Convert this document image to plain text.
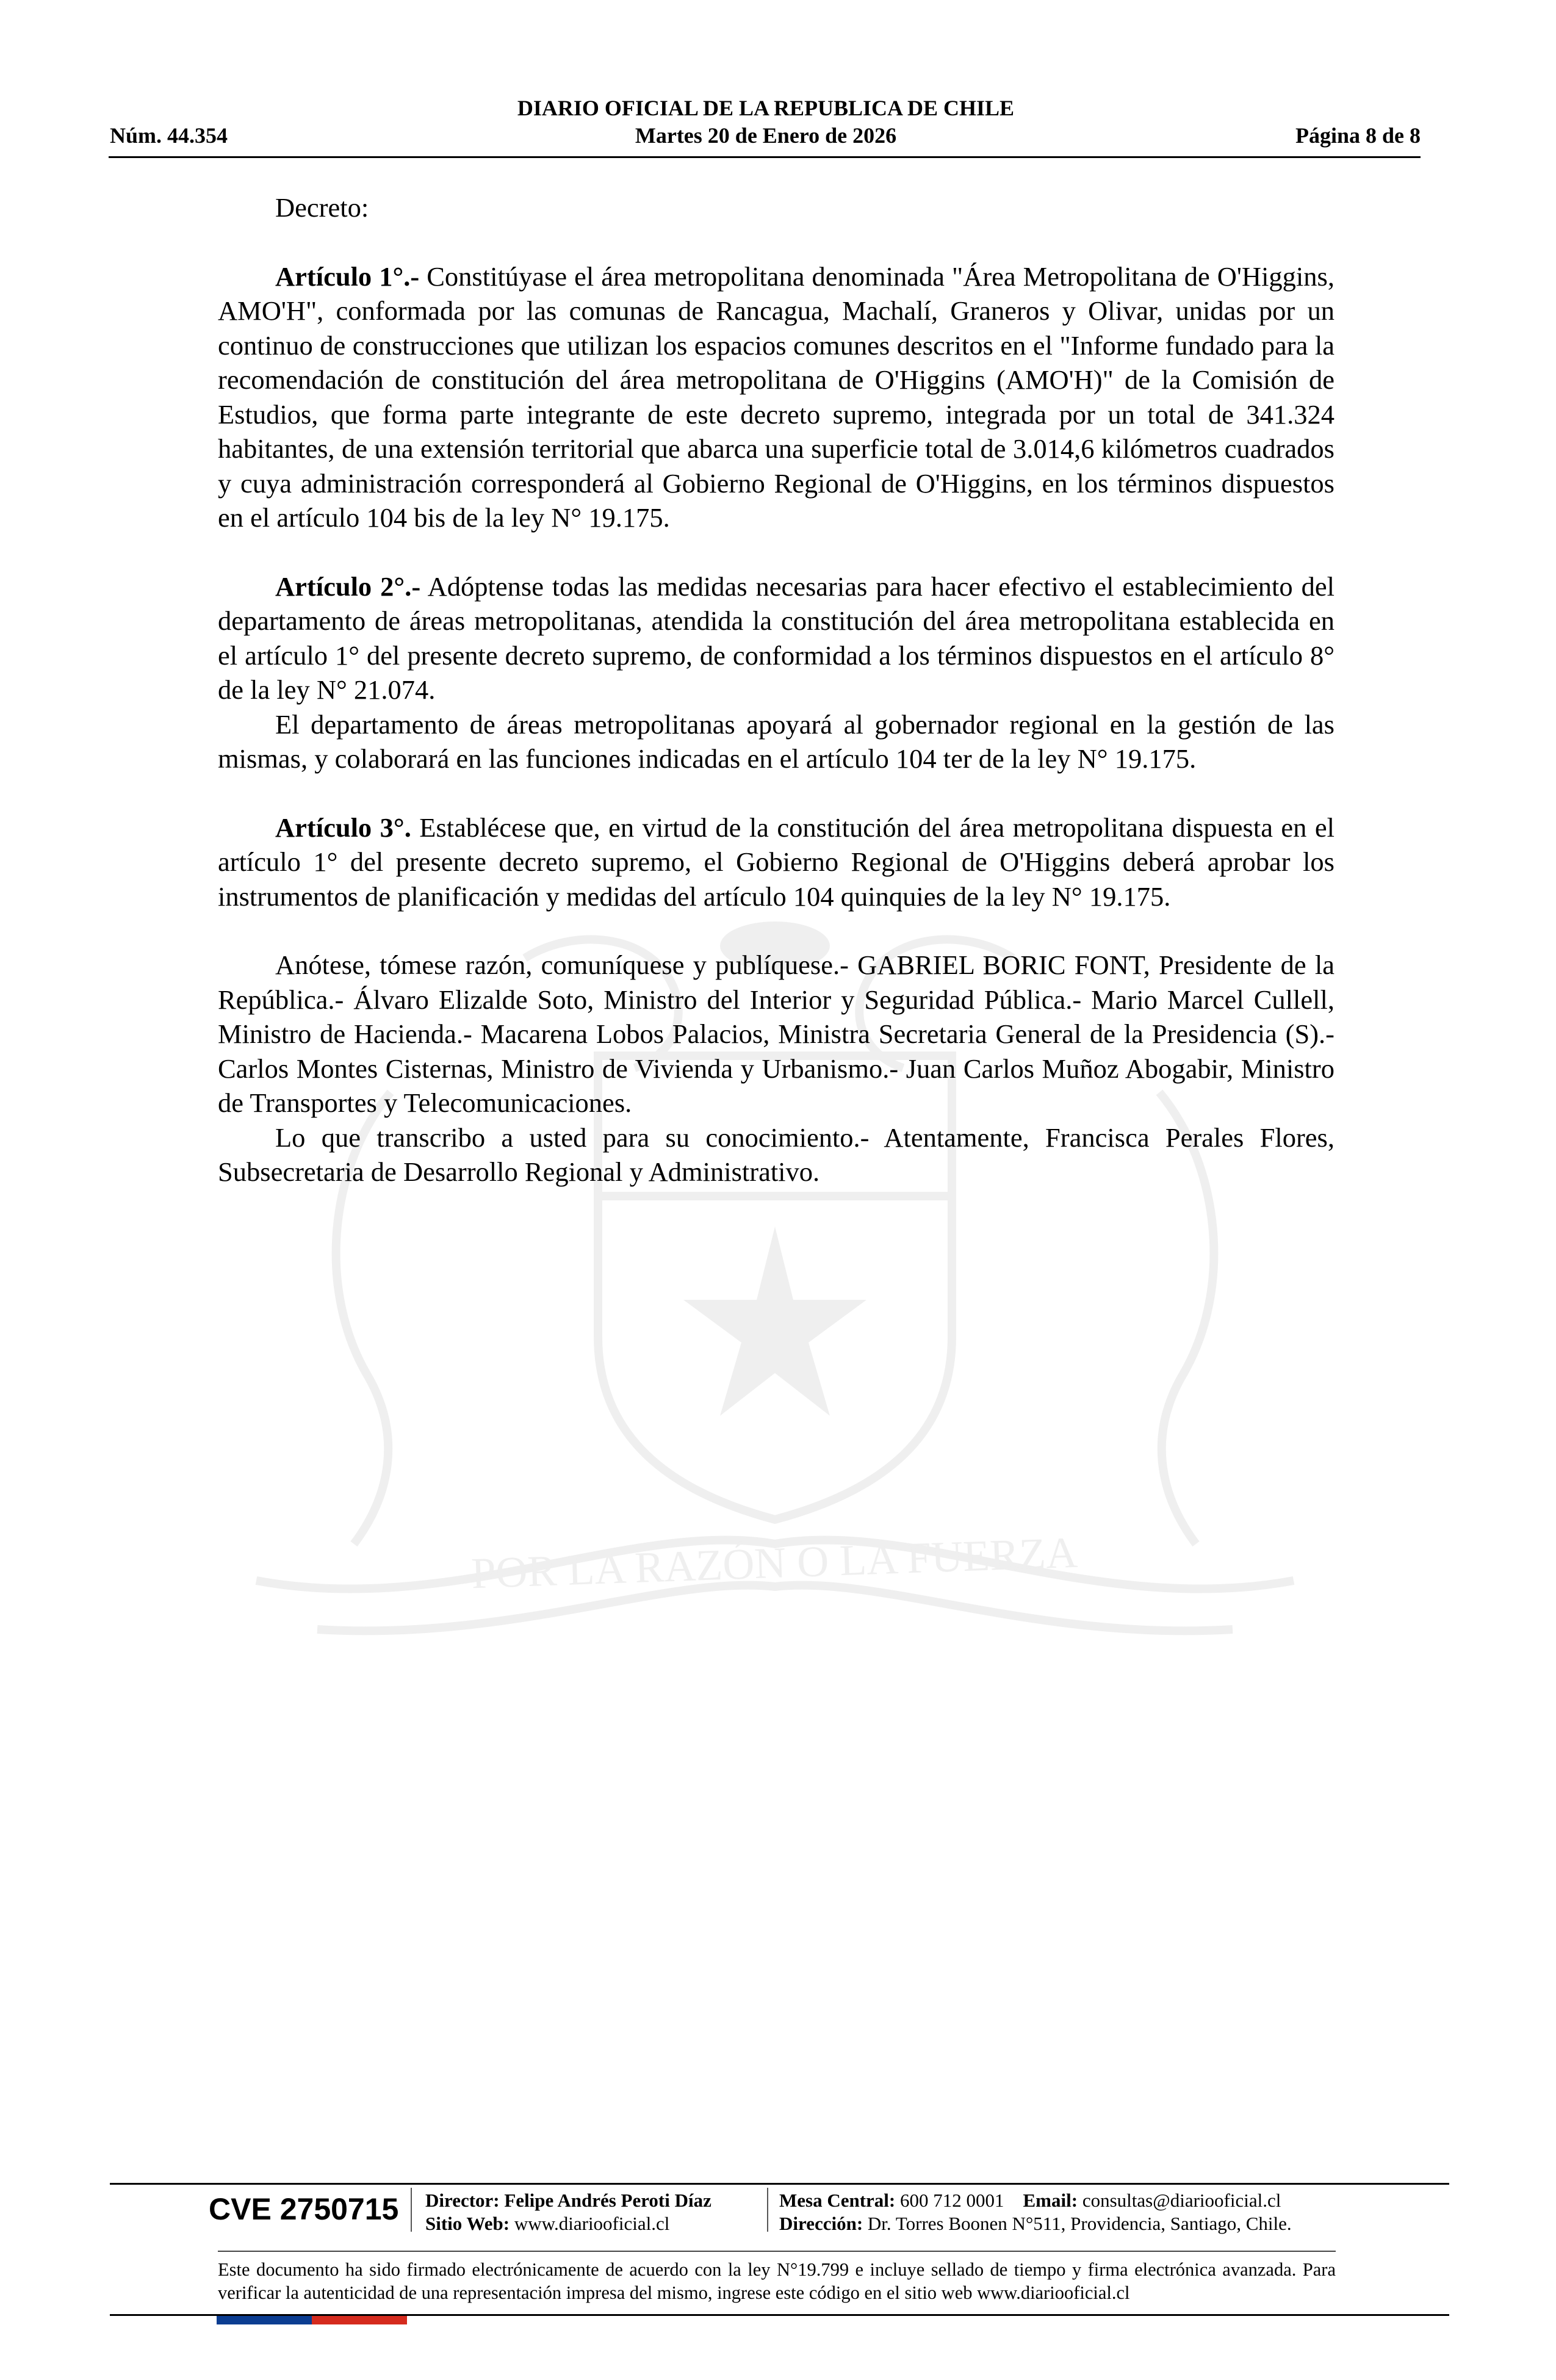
DIARIO OFICIAL DE LA REPUBLICA DE CHILE
Núm. 44.354	Martes 20 de Enero de 2026	Página 8 de 8
POR LA RAZÓN O LA FUERZA

Decreto:

Artículo 1°.- Constitúyase el área metropolitana denominada "Área Metropolitana de O'Higgins, AMO'H", conformada por las comunas de Rancagua, Machalí, Graneros y Olivar, unidas por un continuo de construcciones que utilizan los espacios comunes descritos en el "Informe fundado para la recomendación de constitución del área metropolitana de O'Higgins (AMO'H)" de la Comisión de Estudios, que forma parte integrante de este decreto supremo, integrada por un total de 341.324 habitantes, de una extensión territorial que abarca una superficie total de 3.014,6 kilómetros cuadrados y cuya administración corresponderá al Gobierno Regional de O'Higgins, en los términos dispuestos en el artículo 104 bis de la ley N° 19.175.

Artículo 2°.- Adóptense todas las medidas necesarias para hacer efectivo el establecimiento del departamento de áreas metropolitanas, atendida la constitución del área metropolitana establecida en el artículo 1° del presente decreto supremo, de conformidad a los términos dispuestos en el artículo 8° de la ley N° 21.074.

El departamento de áreas metropolitanas apoyará al gobernador regional en la gestión de las mismas, y colaborará en las funciones indicadas en el artículo 104 ter de la ley N° 19.175.

Artículo 3°. Establécese que, en virtud de la constitución del área metropolitana dispuesta en el artículo 1° del presente decreto supremo, el Gobierno Regional de O'Higgins deberá aprobar los instrumentos de planificación y medidas del artículo 104 quinquies de la ley N° 19.175.

Anótese, tómese razón, comuníquese y publíquese.- GABRIEL BORIC FONT, Presidente de la República.- Álvaro Elizalde Soto, Ministro del Interior y Seguridad Pública.- Mario Marcel Cullell, Ministro de Hacienda.- Macarena Lobos Palacios, Ministra Secretaria General de la Presidencia (S).- Carlos Montes Cisternas, Ministro de Vivienda y Urbanismo.- Juan Carlos Muñoz Abogabir, Ministro de Transportes y Telecomunicaciones.

Lo que transcribo a usted para su conocimiento.- Atentamente, Francisca Perales Flores, Subsecretaria de Desarrollo Regional y Administrativo.

CVE 2750715 Director: Felipe Andrés Peroti Díaz
Sitio Web: www.diariooficial.cl
Mesa Central: 600 712 0001 Email: consultas@diariooficial.cl
Dirección: Dr. Torres Boonen N°511, Providencia, Santiago, Chile.
Este documento ha sido firmado electrónicamente de acuerdo con la ley N°19.799 e incluye sellado de tiempo y firma electrónica avanzada. Para verificar la autenticidad de una representación impresa del mismo, ingrese este código en el sitio web www.diariooficial.cl
